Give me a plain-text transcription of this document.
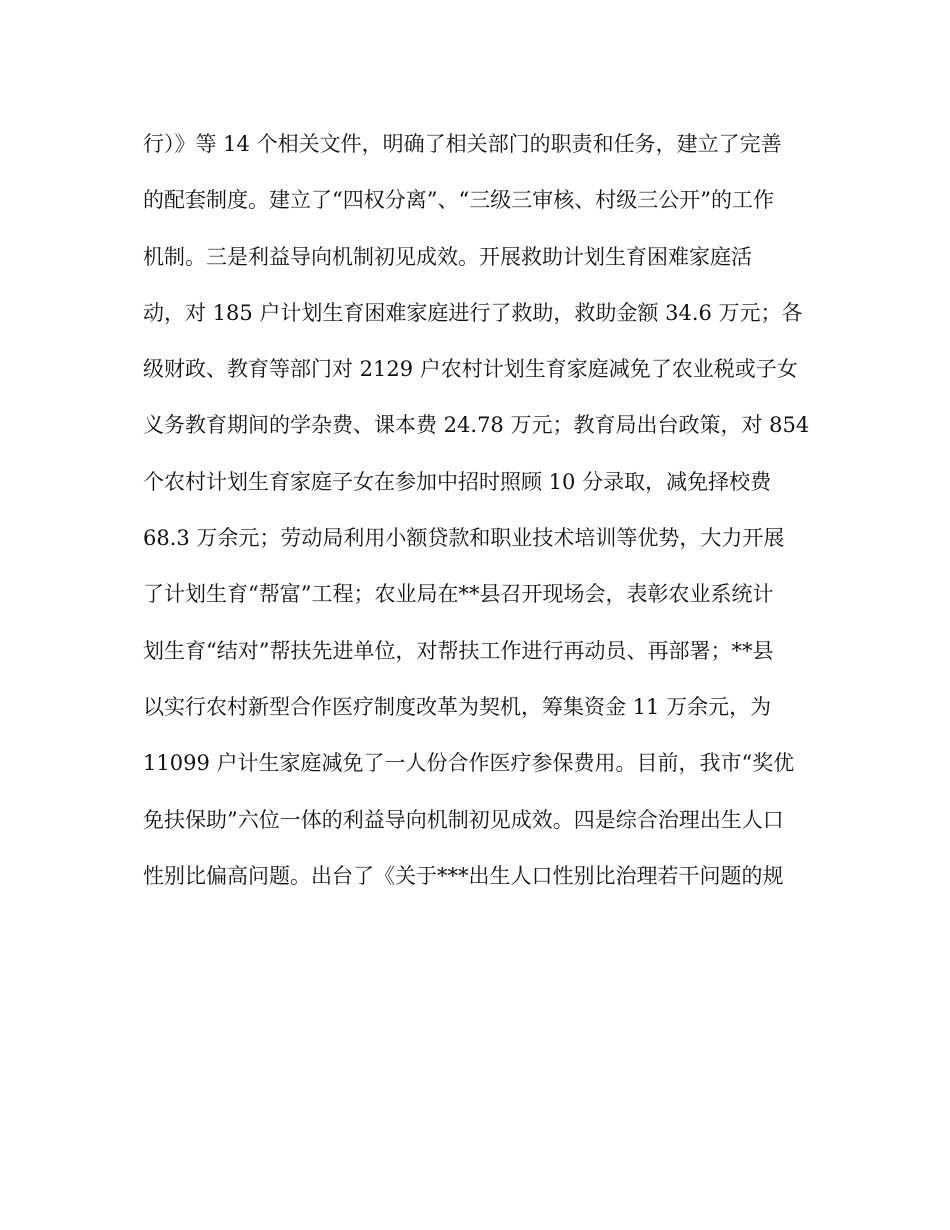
行）》等 14 个相关文件，明确了相关部门的职责和任务，建立了完善
的配套制度。建立了“四权分离”、“三级三审核、村级三公开”的工作
机制。三是利益导向机制初见成效。开展救助计划生育困难家庭活
动，对 185 户计划生育困难家庭进行了救助，救助金额 34.6 万元；各
级财政、教育等部门对 2129 户农村计划生育家庭减免了农业税或子女
义务教育期间的学杂费、课本费 24.78 万元；教育局出台政策，对 854
个农村计划生育家庭子女在参加中招时照顾 10 分录取，减免择校费
68.3 万余元；劳动局利用小额贷款和职业技术培训等优势，大力开展
了计划生育“帮富”工程；农业局在**县召开现场会，表彰农业系统计
划生育“结对”帮扶先进单位，对帮扶工作进行再动员、再部署；**县
以实行农村新型合作医疗制度改革为契机，筹集资金 11 万余元，为
11099 户计生家庭减免了一人份合作医疗参保费用。目前，我市“奖优
免扶保助”六位一体的利益导向机制初见成效。四是综合治理出生人口
性别比偏高问题。出台了《关于***出生人口性别比治理若干问题的规
